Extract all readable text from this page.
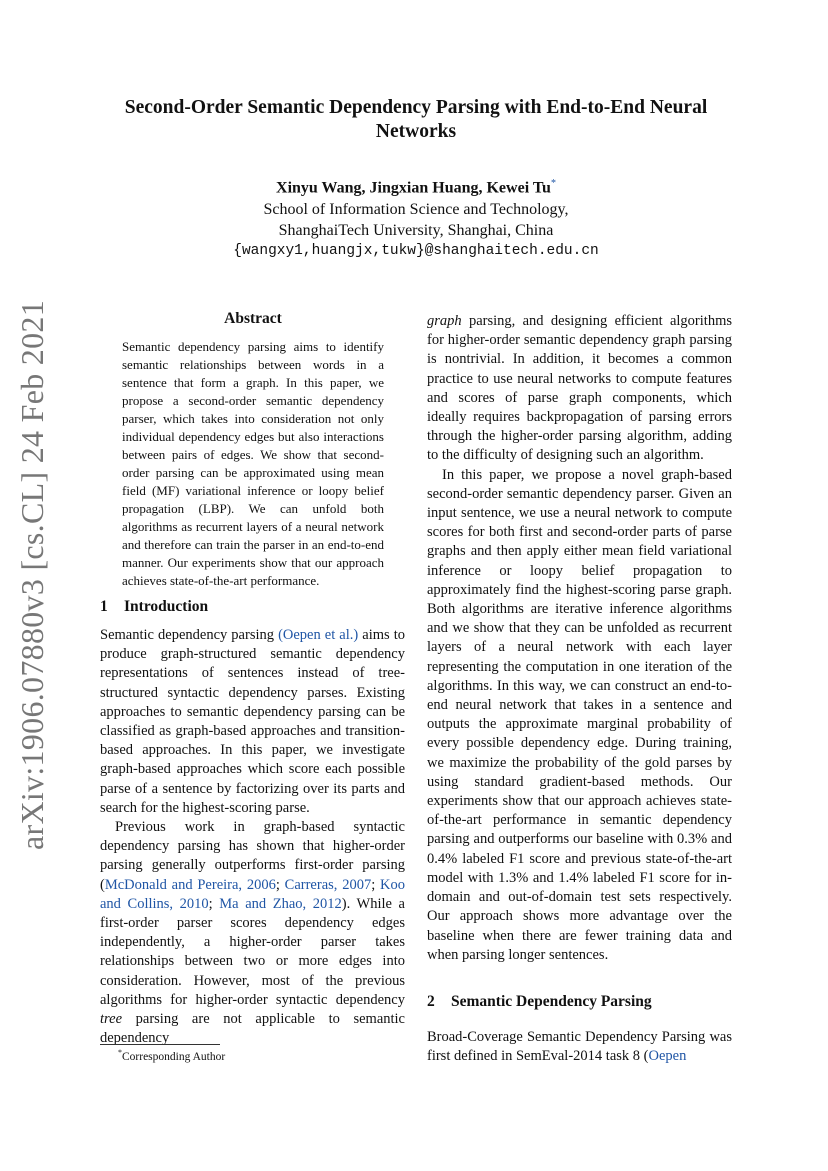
arXiv:1906.07880v3 [cs.CL] 24 Feb 2021
Second-Order Semantic Dependency Parsing with End-to-End Neural Networks
Xinyu Wang, Jingxian Huang, Kewei Tu*
School of Information Science and Technology,
ShanghaiTech University, Shanghai, China
{wangxy1,huangjx,tukw}@shanghaitech.edu.cn
Abstract
Semantic dependency parsing aims to identify semantic relationships between words in a sentence that form a graph. In this paper, we propose a second-order semantic dependency parser, which takes into consideration not only individual dependency edges but also interactions between pairs of edges. We show that second-order parsing can be approximated using mean field (MF) variational inference or loopy belief propagation (LBP). We can unfold both algorithms as recurrent layers of a neural network and therefore can train the parser in an end-to-end manner. Our experiments show that our approach achieves state-of-the-art performance.
1 Introduction

Semantic dependency parsing (Oepen et al.) aims to produce graph-structured semantic dependency representations of sentences instead of tree-structured syntactic dependency parses. Existing approaches to semantic dependency parsing can be classified as graph-based approaches and transition-based approaches. In this paper, we investigate graph-based approaches which score each possible parse of a sentence by factorizing over its parts and search for the highest-scoring parse.

Previous work in graph-based syntactic dependency parsing has shown that higher-order parsing generally outperforms first-order parsing (McDonald and Pereira, 2006; Carreras, 2007; Koo and Collins, 2010; Ma and Zhao, 2012). While a first-order parser scores dependency edges independently, a higher-order parser takes relationships between two or more edges into consideration. However, most of the previous algorithms for higher-order syntactic dependency tree parsing are not applicable to semantic dependency

graph parsing, and designing efficient algorithms for higher-order semantic dependency graph parsing is nontrivial. In addition, it becomes a common practice to use neural networks to compute features and scores of parse graph components, which ideally requires backpropagation of parsing errors through the higher-order parsing algorithm, adding to the difficulty of designing such an algorithm.

In this paper, we propose a novel graph-based second-order semantic dependency parser. Given an input sentence, we use a neural network to compute scores for both first and second-order parts of parse graphs and then apply either mean field variational inference or loopy belief propagation to approximately find the highest-scoring parse graph. Both algorithms are iterative inference algorithms and we show that they can be unfolded as recurrent layers of a neural network with each layer representing the computation in one iteration of the algorithms. In this way, we can construct an end-to-end neural network that takes in a sentence and outputs the approximate marginal probability of every possible dependency edge. During training, we maximize the probability of the gold parses by using standard gradient-based methods. Our experiments show that our approach achieves state-of-the-art performance in semantic dependency parsing and outperforms our baseline with 0.3% and 0.4% labeled F1 score and previous state-of-the-art model with 1.3% and 1.4% labeled F1 score for in-domain and out-of-domain test sets respectively. Our approach shows more advantage over the baseline when there are fewer training data and when parsing longer sentences.

2 Semantic Dependency Parsing

Broad-Coverage Semantic Dependency Parsing was first defined in SemEval-2014 task 8 (Oepen

*Corresponding Author
